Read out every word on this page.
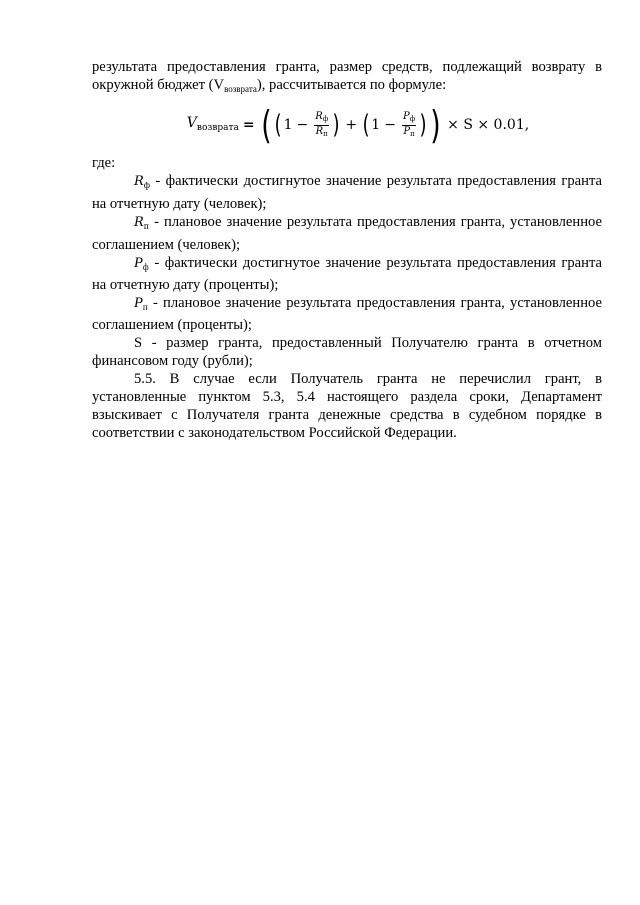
результата предоставления гранта, размер средств, подлежащий возврату в окружной бюджет $(V_{возврата})$, рассчитывается по формуле:

$V_{возврата}$ = ( ( $1 - \frac{R_ф}{R_п}$ ) + ( $1 - \frac{P_ф}{P_п}$ ) ) × S × 0.01,

где:

$R_ф$ - фактически достигнутое значение результата предоставления гранта на отчетную дату (человек);

$R_п$ - плановое значение результата предоставления гранта, установленное соглашением (человек);

$P_ф$ - фактически достигнутое значение результата предоставления гранта на отчетную дату (проценты);

$P_п$ - плановое значение результата предоставления гранта, установленное соглашением (проценты);

S - размер гранта, предоставленный Получателю гранта в отчетном финансовом году (рубли);

5.5. В случае если Получатель гранта не перечислил грант, в установленные пунктом 5.3, 5.4 настоящего раздела сроки, Департамент взыскивает с Получателя гранта денежные средства в судебном порядке в соответствии с законодательством Российской Федерации.
